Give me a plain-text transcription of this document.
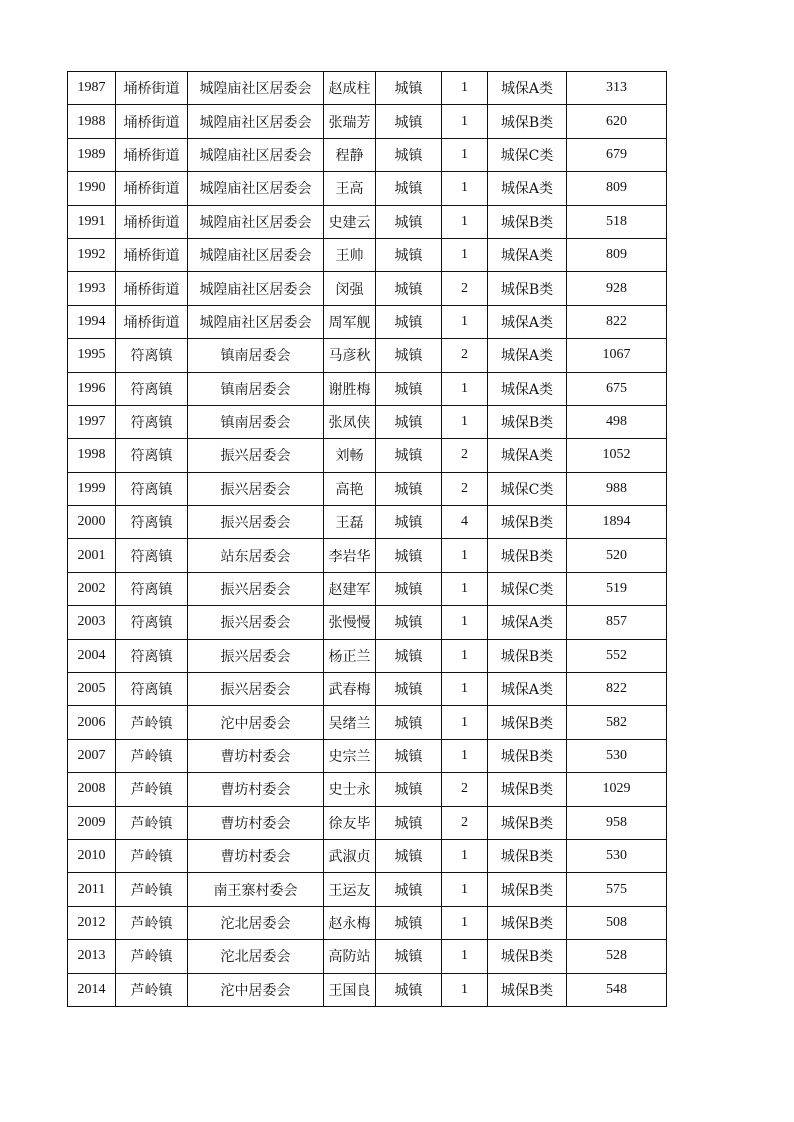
1987	埇桥街道	城隍庙社区居委会	赵成柱	城镇	1	城保A类	313
1988	埇桥街道	城隍庙社区居委会	张瑞芳	城镇	1	城保B类	620
1989	埇桥街道	城隍庙社区居委会	程静	城镇	1	城保C类	679
1990	埇桥街道	城隍庙社区居委会	王高	城镇	1	城保A类	809
1991	埇桥街道	城隍庙社区居委会	史建云	城镇	1	城保B类	518
1992	埇桥街道	城隍庙社区居委会	王帅	城镇	1	城保A类	809
1993	埇桥街道	城隍庙社区居委会	闵强	城镇	2	城保B类	928
1994	埇桥街道	城隍庙社区居委会	周军舰	城镇	1	城保A类	822
1995	符离镇	镇南居委会	马彦秋	城镇	2	城保A类	1067
1996	符离镇	镇南居委会	谢胜梅	城镇	1	城保A类	675
1997	符离镇	镇南居委会	张凤侠	城镇	1	城保B类	498
1998	符离镇	振兴居委会	刘畅	城镇	2	城保A类	1052
1999	符离镇	振兴居委会	高艳	城镇	2	城保C类	988
2000	符离镇	振兴居委会	王磊	城镇	4	城保B类	1894
2001	符离镇	站东居委会	李岩华	城镇	1	城保B类	520
2002	符离镇	振兴居委会	赵建军	城镇	1	城保C类	519
2003	符离镇	振兴居委会	张慢慢	城镇	1	城保A类	857
2004	符离镇	振兴居委会	杨正兰	城镇	1	城保B类	552
2005	符离镇	振兴居委会	武春梅	城镇	1	城保A类	822
2006	芦岭镇	沱中居委会	吴绪兰	城镇	1	城保B类	582
2007	芦岭镇	曹坊村委会	史宗兰	城镇	1	城保B类	530
2008	芦岭镇	曹坊村委会	史士永	城镇	2	城保B类	1029
2009	芦岭镇	曹坊村委会	徐友毕	城镇	2	城保B类	958
2010	芦岭镇	曹坊村委会	武淑贞	城镇	1	城保B类	530
2011	芦岭镇	南王寨村委会	王运友	城镇	1	城保B类	575
2012	芦岭镇	沱北居委会	赵永梅	城镇	1	城保B类	508
2013	芦岭镇	沱北居委会	高防站	城镇	1	城保B类	528
2014	芦岭镇	沱中居委会	王国良	城镇	1	城保B类	548
